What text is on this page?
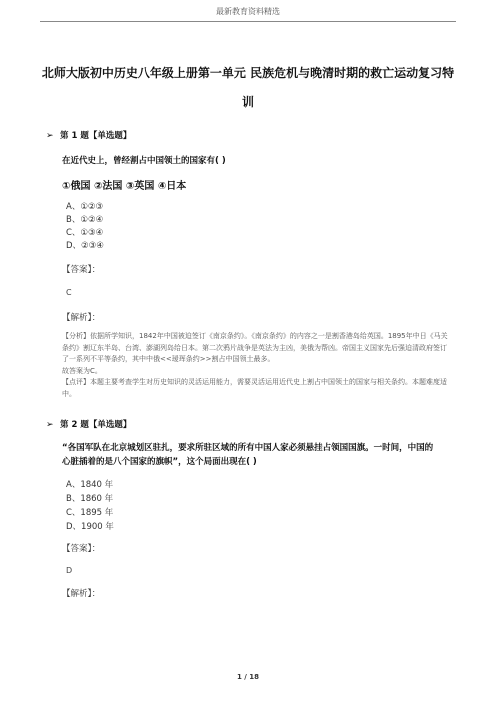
最新教育资料精选
北师大版初中历史八年级上册第一单元 民族危机与晚清时期的救亡运动复习特
训
➢ 第 1 题【单选题】
在近代史上，曾经割占中国领土的国家有( )
①俄国 ②法国 ③英国 ④日本
A、①②③
B、①②④
C、①③④
D、②③④
【答案】：
C
【解析】：
【分析】依据所学知识，1842年中国被迫签订《南京条约》。《南京条约》的内容之一是割香港岛给英国。1895年中日《马关
条约》割辽东半岛、台湾、澎湖列岛给日本。第二次鸦片战争是英法为主凶，美俄为帮凶。帝国主义国家先后强迫清政府签订
了一系列不平等条约，其中中俄<<瑷珲条约>>割占中国领土最多。
故答案为C。
【点评】本题主要考查学生对历史知识的灵活运用能力，需要灵活运用近代史上割占中国领土的国家与相关条约。本题难度适
中。
➢ 第 2 题【单选题】
“各国军队在北京城划区驻扎，要求所驻区域的所有中国人家必须悬挂占领国国旗。一时间，中国的
心脏插着的是八个国家的旗帜”，这个局面出现在( )
A、1840 年
B、1860 年
C、1895 年
D、1900 年
【答案】：
D
【解析】：
1 / 18
